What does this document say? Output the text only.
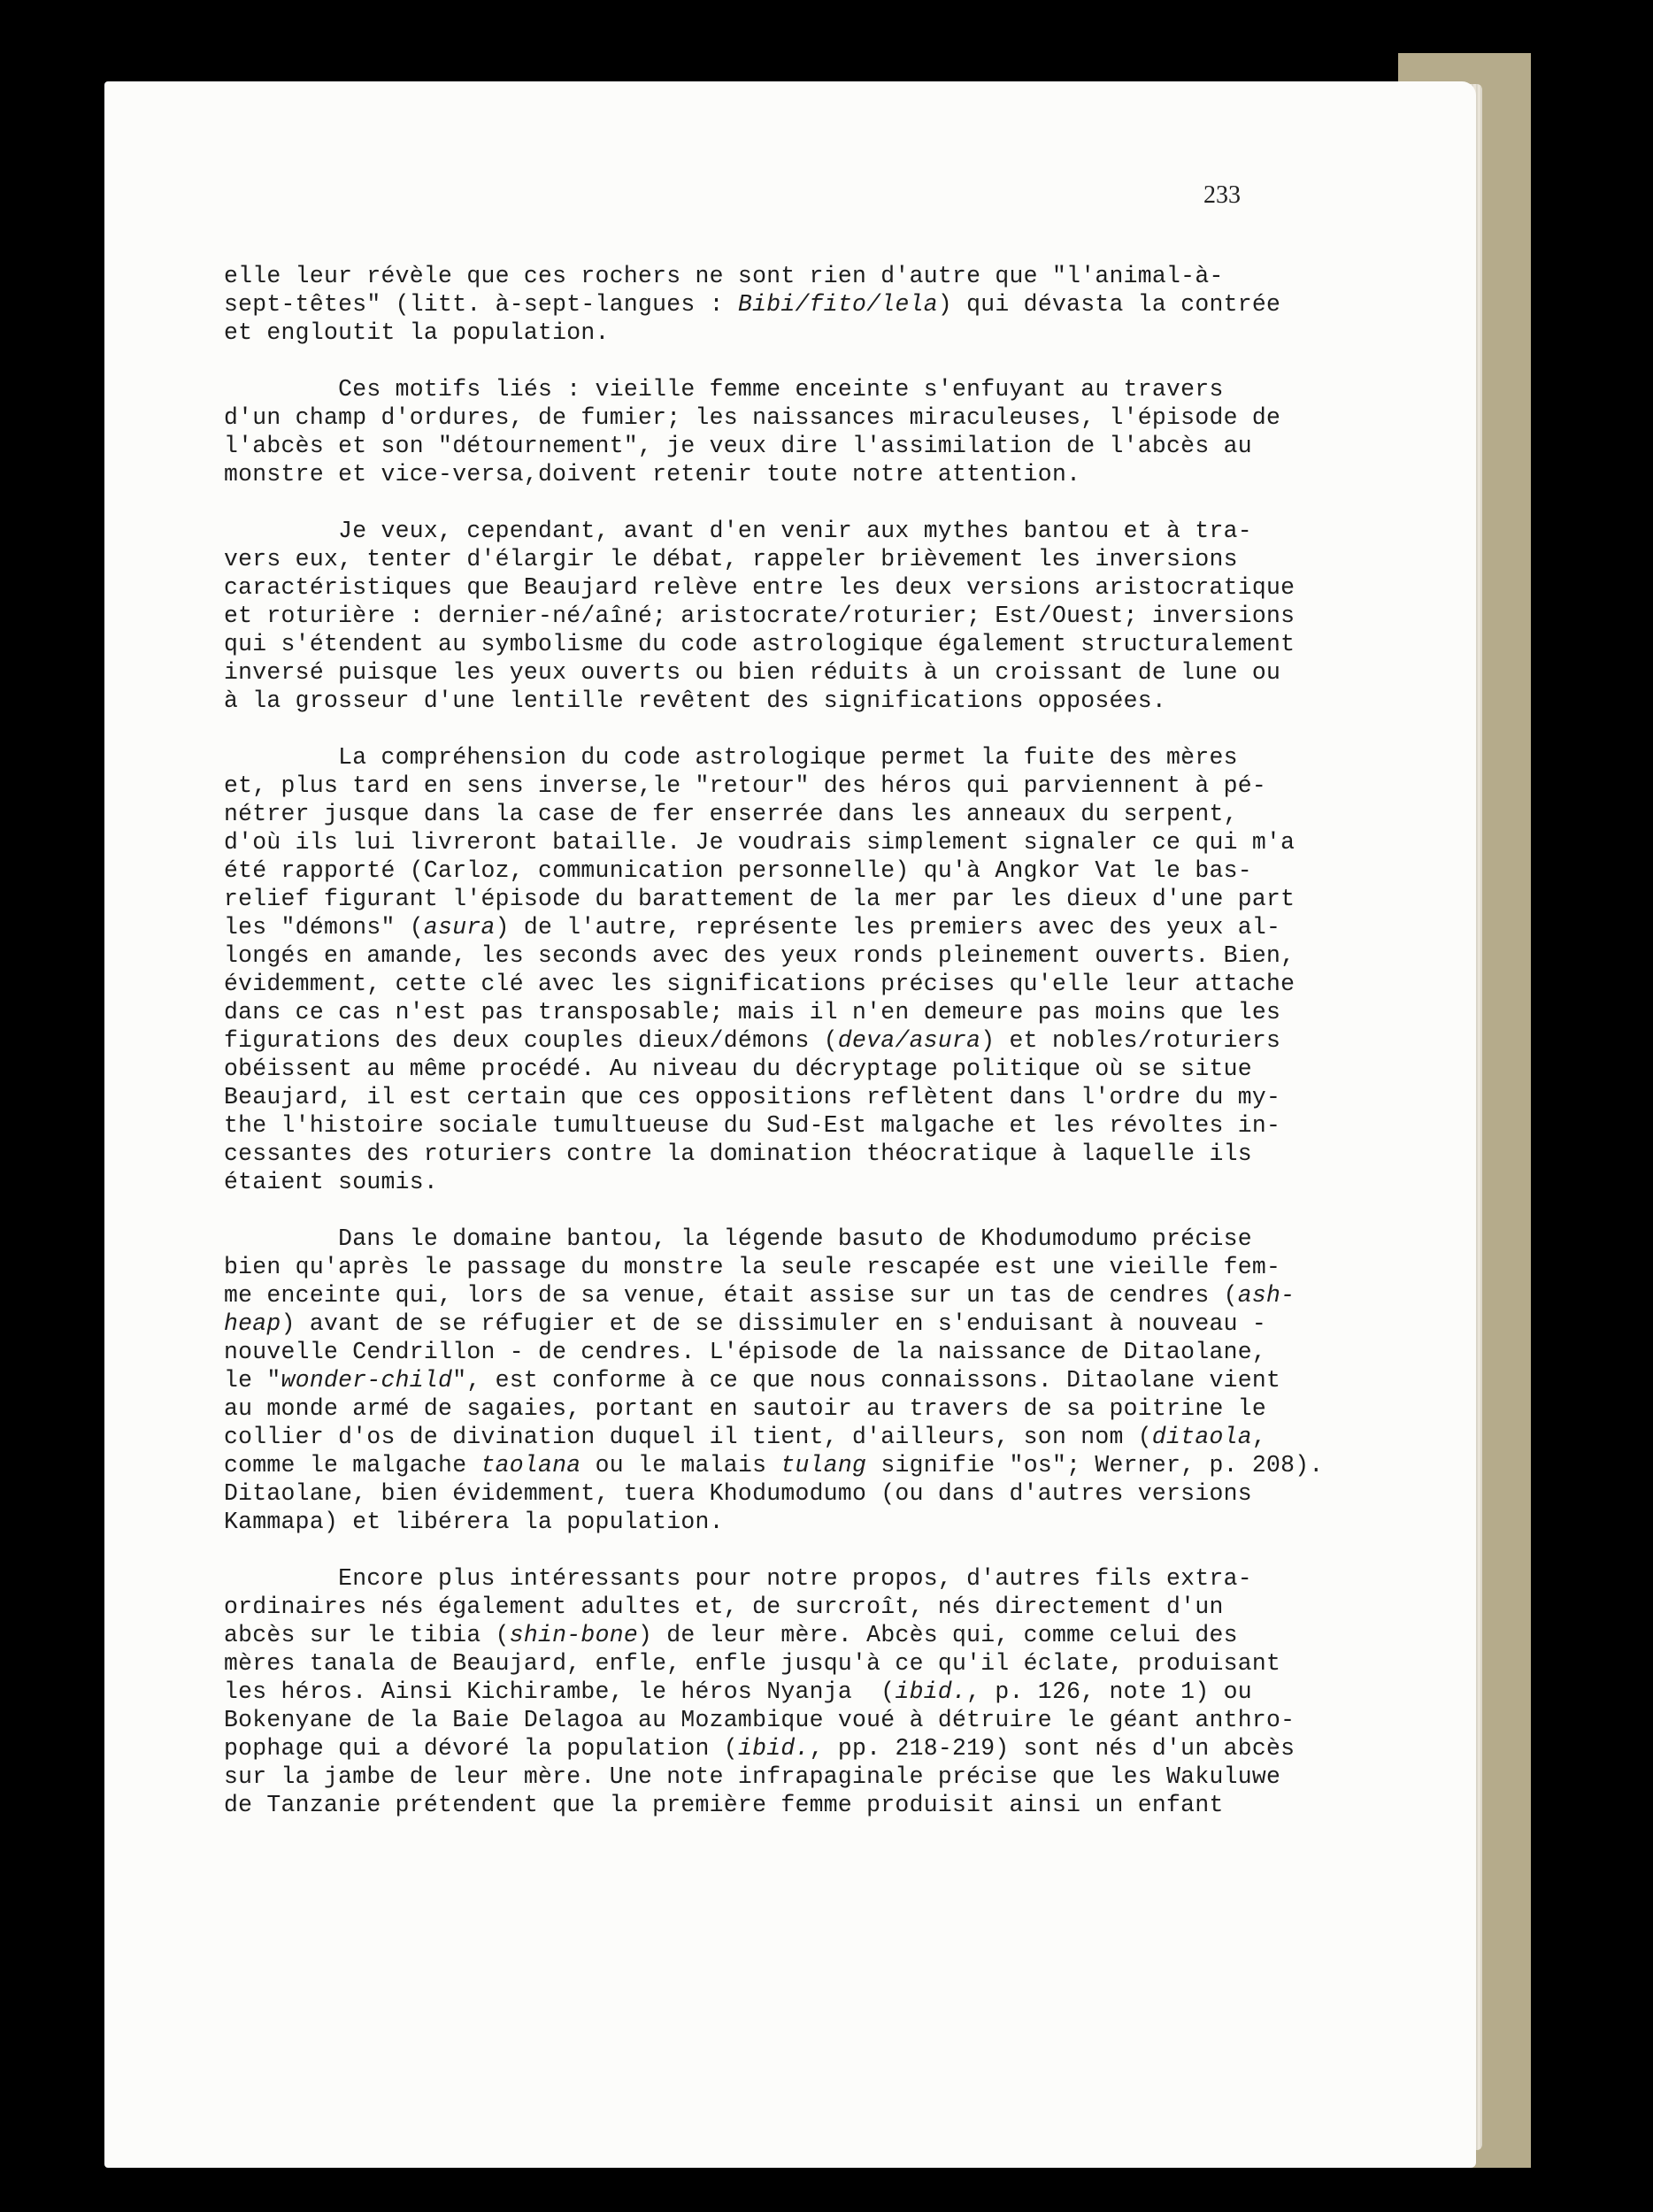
233
elle leur révèle que ces rochers ne sont rien d'autre que "l'animal-à-
sept-têtes" (litt. à-sept-langues : Bibi/fito/lela) qui dévasta la contrée
et engloutit la population.
Ces motifs liés : vieille femme enceinte s'enfuyant au travers
d'un champ d'ordures, de fumier; les naissances miraculeuses, l'épisode de
l'abcès et son "détournement", je veux dire l'assimilation de l'abcès au
monstre et vice-versa,doivent retenir toute notre attention.
Je veux, cependant, avant d'en venir aux mythes bantou et à tra-
vers eux, tenter d'élargir le débat, rappeler brièvement les inversions
caractéristiques que Beaujard relève entre les deux versions aristocratique
et roturière : dernier-né/aîné; aristocrate/roturier; Est/Ouest; inversions
qui s'étendent au symbolisme du code astrologique également structuralement
inversé puisque les yeux ouverts ou bien réduits à un croissant de lune ou
à la grosseur d'une lentille revêtent des significations opposées.
La compréhension du code astrologique permet la fuite des mères
et, plus tard en sens inverse,le "retour" des héros qui parviennent à pé-
nétrer jusque dans la case de fer enserrée dans les anneaux du serpent,
d'où ils lui livreront bataille. Je voudrais simplement signaler ce qui m'a
été rapporté (Carloz, communication personnelle) qu'à Angkor Vat le bas-
relief figurant l'épisode du barattement de la mer par les dieux d'une part
les "démons" (asura) de l'autre, représente les premiers avec des yeux al-
longés en amande, les seconds avec des yeux ronds pleinement ouverts. Bien,
évidemment, cette clé avec les significations précises qu'elle leur attache
dans ce cas n'est pas transposable; mais il n'en demeure pas moins que les
figurations des deux couples dieux/démons (deva/asura) et nobles/roturiers
obéissent au même procédé. Au niveau du décryptage politique où se situe
Beaujard, il est certain que ces oppositions reflètent dans l'ordre du my-
the l'histoire sociale tumultueuse du Sud-Est malgache et les révoltes in-
cessantes des roturiers contre la domination théocratique à laquelle ils
étaient soumis.
Dans le domaine bantou, la légende basuto de Khodumodumo précise
bien qu'après le passage du monstre la seule rescapée est une vieille fem-
me enceinte qui, lors de sa venue, était assise sur un tas de cendres (ash-
heap) avant de se réfugier et de se dissimuler en s'enduisant à nouveau -
nouvelle Cendrillon - de cendres. L'épisode de la naissance de Ditaolane,
le "wonder-child", est conforme à ce que nous connaissons. Ditaolane vient
au monde armé de sagaies, portant en sautoir au travers de sa poitrine le
collier d'os de divination duquel il tient, d'ailleurs, son nom (ditaola,
comme le malgache taolana ou le malais tulang signifie "os"; Werner, p. 208).
Ditaolane, bien évidemment, tuera Khodumodumo (ou dans d'autres versions
Kammapa) et libérera la population.
Encore plus intéressants pour notre propos, d'autres fils extra-
ordinaires nés également adultes et, de surcroît, nés directement d'un
abcès sur le tibia (shin-bone) de leur mère. Abcès qui, comme celui des
mères tanala de Beaujard, enfle, enfle jusqu'à ce qu'il éclate, produisant
les héros. Ainsi Kichirambe, le héros Nyanja  (ibid., p. 126, note 1) ou
Bokenyane de la Baie Delagoa au Mozambique voué à détruire le géant anthro-
pophage qui a dévoré la population (ibid., pp. 218-219) sont nés d'un abcès
sur la jambe de leur mère. Une note infrapaginale précise que les Wakuluwe
de Tanzanie prétendent que la première femme produisit ainsi un enfant
